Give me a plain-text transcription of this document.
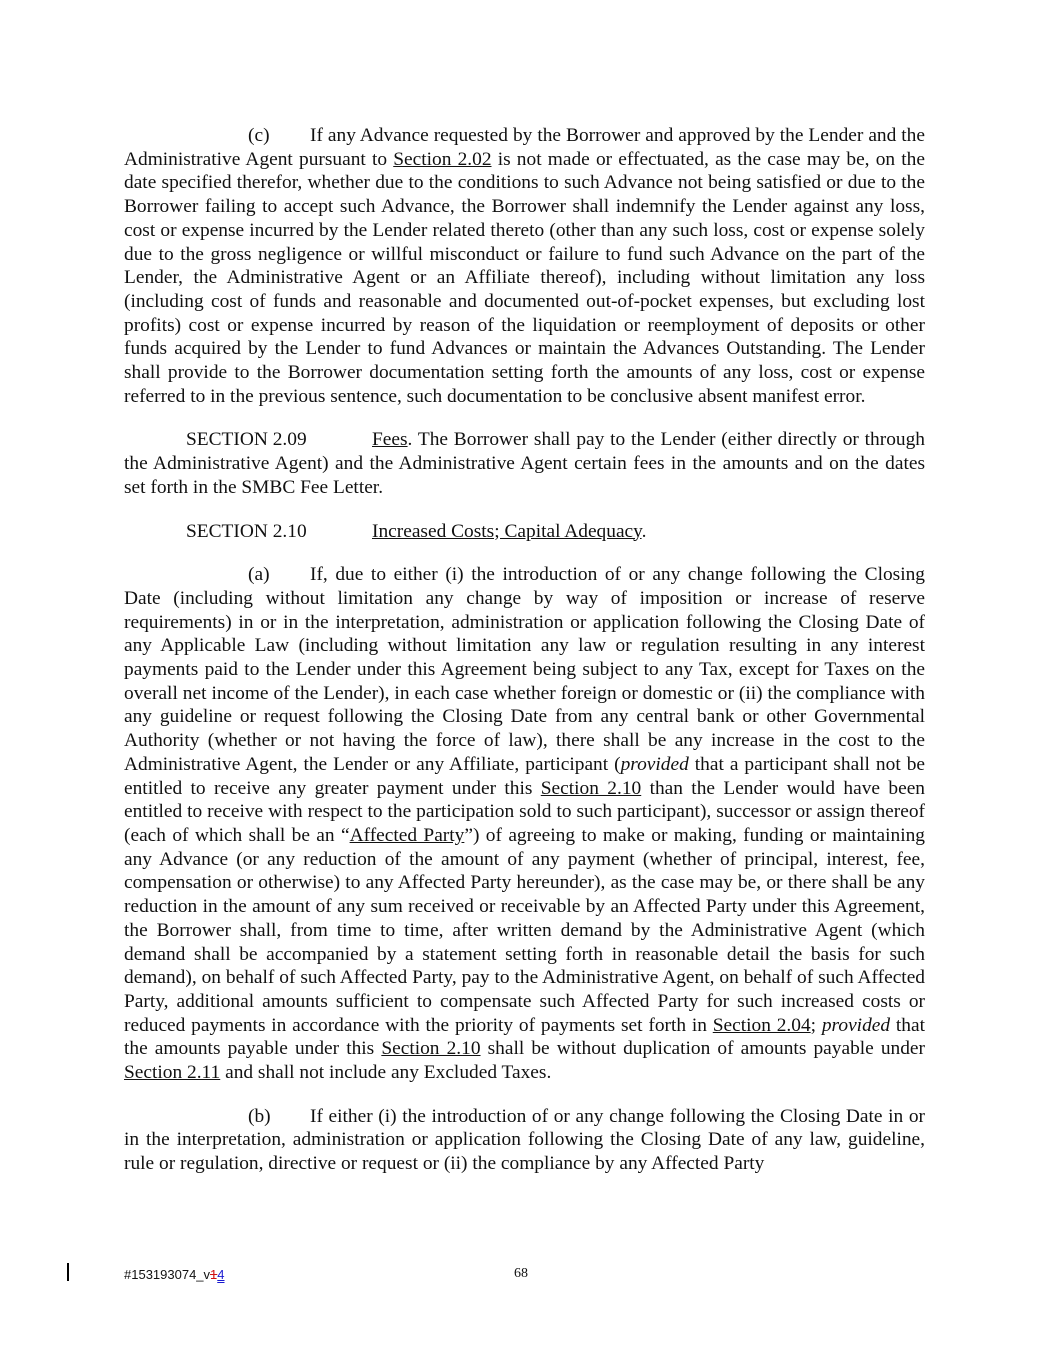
(c) If any Advance requested by the Borrower and approved by the Lender and the Administrative Agent pursuant to Section 2.02 is not made or effectuated, as the case may be, on the date specified therefor, whether due to the conditions to such Advance not being satisfied or due to the Borrower failing to accept such Advance, the Borrower shall indemnify the Lender against any loss, cost or expense incurred by the Lender related thereto (other than any such loss, cost or expense solely due to the gross negligence or willful misconduct or failure to fund such Advance on the part of the Lender, the Administrative Agent or an Affiliate thereof), including without limitation any loss (including cost of funds and reasonable and documented out-of-pocket expenses, but excluding lost profits) cost or expense incurred by reason of the liquidation or reemployment of deposits or other funds acquired by the Lender to fund Advances or maintain the Advances Outstanding. The Lender shall provide to the Borrower documentation setting forth the amounts of any loss, cost or expense referred to in the previous sentence, such documentation to be conclusive absent manifest error.

SECTION 2.09	Fees. The Borrower shall pay to the Lender (either directly or through the Administrative Agent) and the Administrative Agent certain fees in the amounts and on the dates set forth in the SMBC Fee Letter.

SECTION 2.10	Increased Costs; Capital Adequacy.

(a) If, due to either (i) the introduction of or any change following the Closing Date (including without limitation any change by way of imposition or increase of reserve requirements) in or in the interpretation, administration or application following the Closing Date of any Applicable Law (including without limitation any law or regulation resulting in any interest payments paid to the Lender under this Agreement being subject to any Tax, except for Taxes on the overall net income of the Lender), in each case whether foreign or domestic or (ii) the compliance with any guideline or request following the Closing Date from any central bank or other Governmental Authority (whether or not having the force of law), there shall be any increase in the cost to the Administrative Agent, the Lender or any Affiliate, participant (provided that a participant shall not be entitled to receive any greater payment under this Section 2.10 than the Lender would have been entitled to receive with respect to the participation sold to such participant), successor or assign thereof (each of which shall be an “Affected Party”) of agreeing to make or making, funding or maintaining any Advance (or any reduction of the amount of any payment (whether of principal, interest, fee, compensation or otherwise) to any Affected Party hereunder), as the case may be, or there shall be any reduction in the amount of any sum received or receivable by an Affected Party under this Agreement, the Borrower shall, from time to time, after written demand by the Administrative Agent (which demand shall be accompanied by a statement setting forth in reasonable detail the basis for such demand), on behalf of such Affected Party, pay to the Administrative Agent, on behalf of such Affected Party, additional amounts sufficient to compensate such Affected Party for such increased costs or reduced payments in accordance with the priority of payments set forth in Section 2.04; provided that the amounts payable under this Section 2.10 shall be without duplication of amounts payable under Section 2.11 and shall not include any Excluded Taxes.

(b) If either (i) the introduction of or any change following the Closing Date in or in the interpretation, administration or application following the Closing Date of any law, guideline, rule or regulation, directive or request or (ii) the compliance by any Affected Party

#153193074_v14	68
